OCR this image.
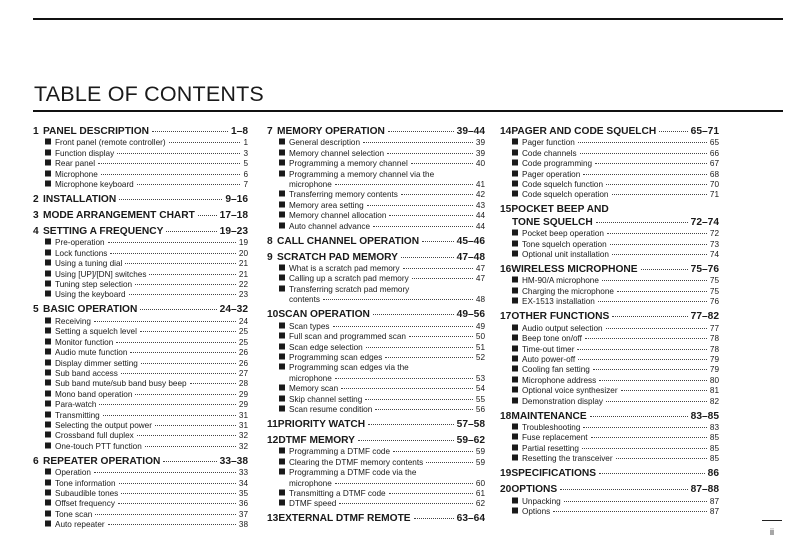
TABLE OF CONTENTS
1 PANEL DESCRIPTION	1–8
Front panel (remote controller)	1
Function display	3
Rear panel	5
Microphone	6
Microphone keyboard	7
2 INSTALLATION	9–16
3 MODE ARRANGEMENT CHART 17–18
4 SETTING A FREQUENCY	19–23
Pre-operation	19
Lock functions	20
Using a tuning dial	21
Using [UP]/[DN] switches	21
Tuning step selection	22
Using the keyboard	23
5 BASIC OPERATION	24–32
Receiving	24
Setting a squelch level	25
Monitor function	25
Audio mute function	26
Display dimmer setting	26
Sub band access	27
Sub band mute/sub band busy beep	28
Mono band operation	29
Para-watch	29
Transmitting	31
Selecting the output power	31
Crossband full duplex	32
One-touch PTT function	32
6 REPEATER OPERATION	33–38
Operation	33
Tone information	34
Subaudible tones	35
Offset frequency	36
Tone scan	37
Auto repeater	38
7 MEMORY OPERATION	39–44
General description	39
Memory channel selection	39
Programming a memory channel	40
Programming a memory channel via the
microphone	41
Transferring memory contents	42
Memory area setting	43
Memory channel allocation	44
Auto channel advance	44
8 CALL CHANNEL OPERATION	45–46
9 SCRATCH PAD MEMORY	47–48
What is a scratch pad memory	47
Calling up a scratch pad memory	47
Transferring scratch pad memory
contents	48
10 SCAN OPERATION	49–56
Scan types	49
Full scan and programmed scan	50
Scan edge selection	51
Programming scan edges	52
Programming scan edges via the
microphone	53
Memory scan	54
Skip channel setting	55
Scan resume condition	56
11 PRIORITY WATCH	57–58
12 DTMF MEMORY	59–62
Programming a DTMF code	59
Clearing the DTMF memory contents	59
Programming a DTMF code via the
microphone	60
Transmitting a DTMF code	61
DTMF speed	62
13 EXTERNAL DTMF REMOTE	63–64
14 PAGER AND CODE SQUELCH	65–71
Pager function	65
Code channels	66
Code programming	67
Pager operation	68
Code squelch function	70
Code squelch operation	71
15 POCKET BEEP AND
TONE SQUELCH	72–74
Pocket beep operation	72
Tone squelch operation	73
Optional unit installation	74
16 WIRELESS MICROPHONE	75–76
HM-90/A microphone	75
Charging the microphone	75
EX-1513 installation	76
17 OTHER FUNCTIONS	77–82
Audio output selection	77
Beep tone on/off	78
Time-out timer	78
Auto power-off	79
Cooling fan setting	79
Microphone address	80
Optional voice synthesizer	81
Demonstration display	82
18 MAINTENANCE	83–85
Troubleshooting	83
Fuse replacement	85
Partial resetting	85
Resetting the transceiver	85
19 SPECIFICATIONS	86
20 OPTIONS	87–88
Unpacking	87
Options	87
ii
